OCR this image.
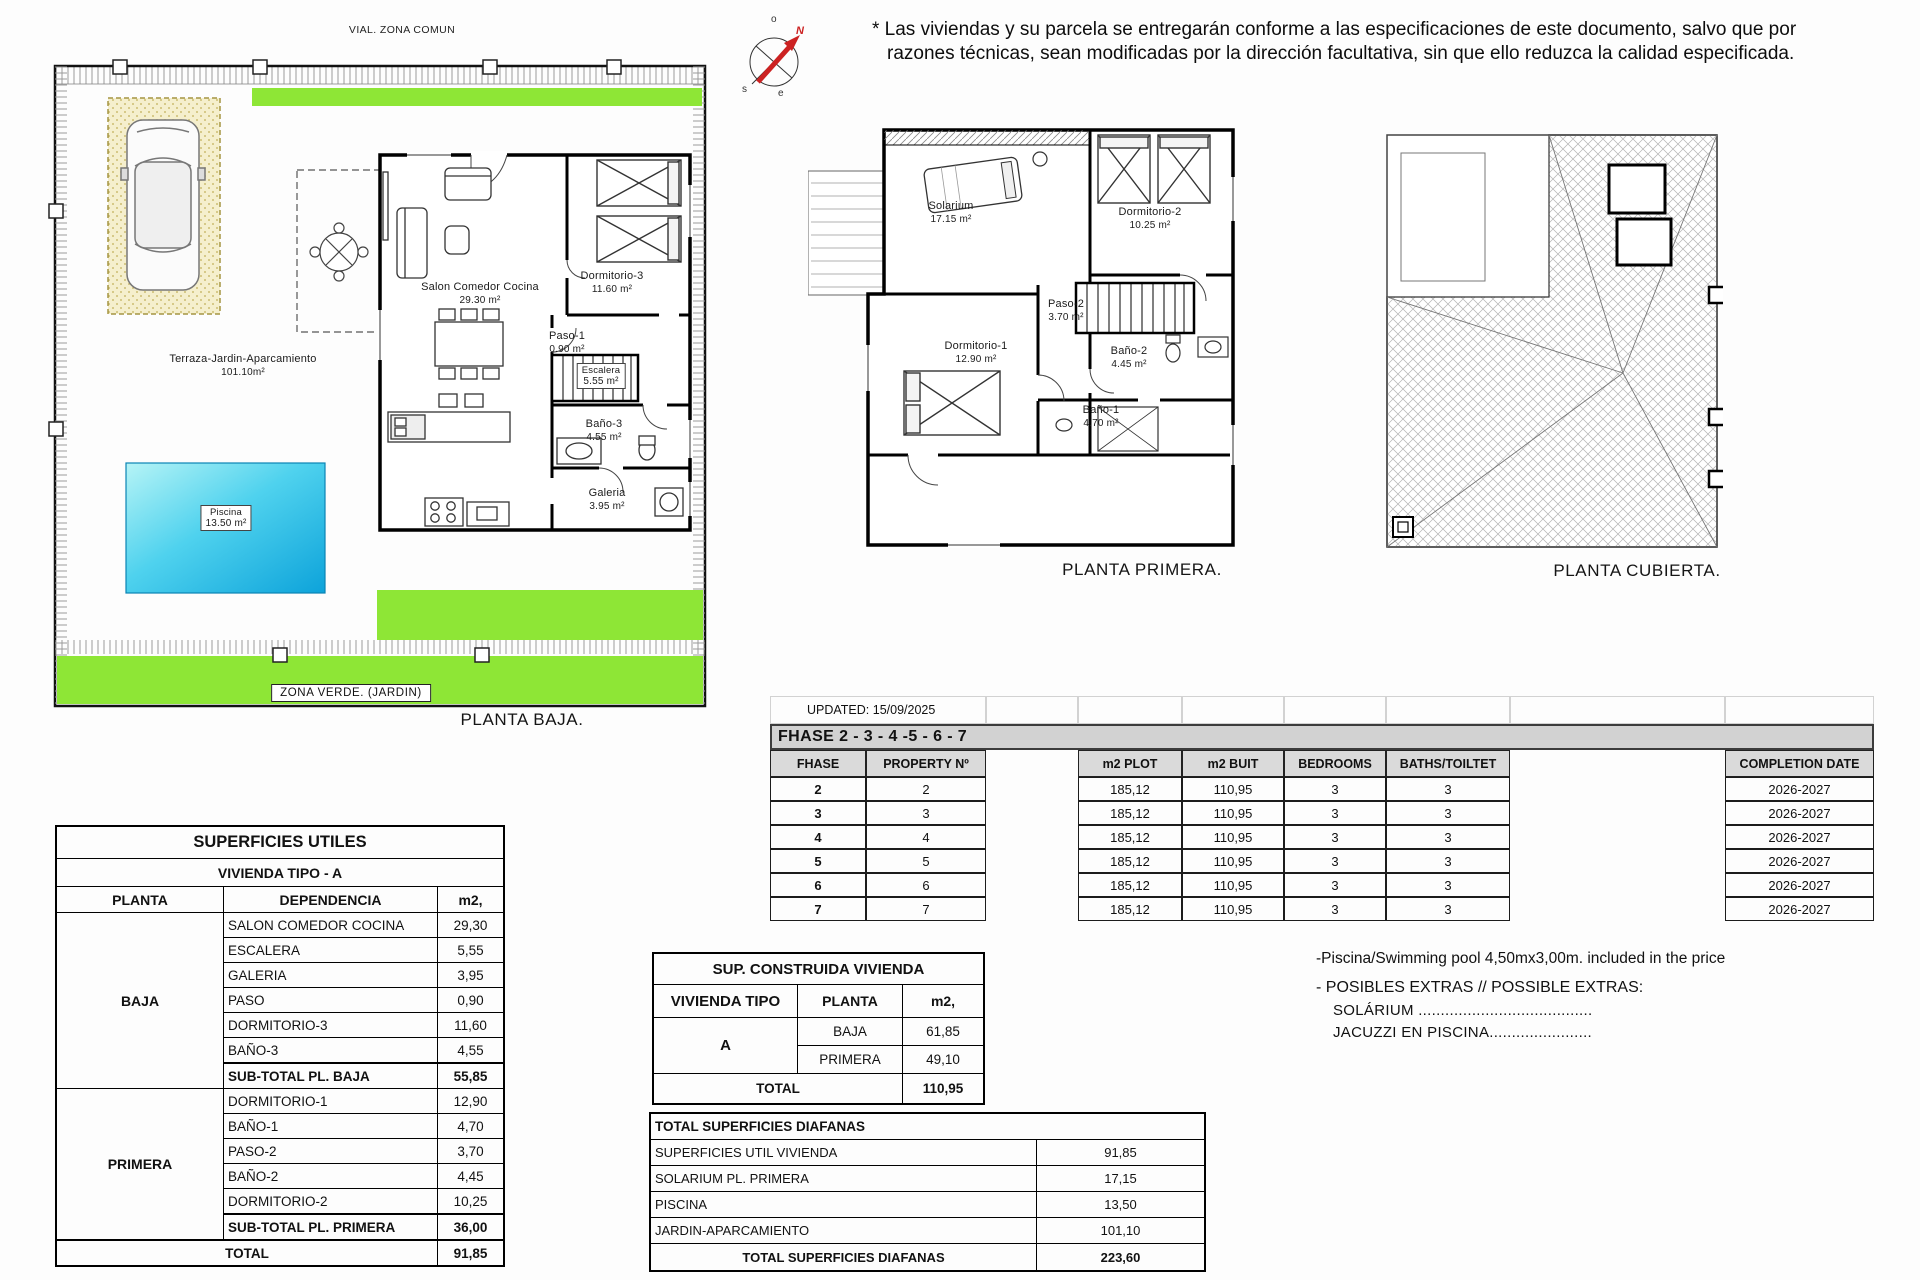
o
N
s	e
VIAL. ZONA COMUN
Salon Comedor Cocina
29.30 m²
Dormitorio-3
11.60 m²
Paso-1
0.90 m²
Escalera
5.55 m²
Baño-3
4.55 m²
Galeria
3.95 m²
Terraza-Jardin-Aparcamiento
101.10m²
Piscina
13.50 m²
ZONA VERDE. (JARDIN)
Solarium
17.15 m²
Dormitorio-2
10.25 m²
Paso-2
3.70 m²
Dormitorio-1
12.90 m²
Baño-2
4.45 m²
Baño-1
4.70 m²
PLANTA BAJA.
PLANTA PRIMERA.	PLANTA CUBIERTA.
* Las viviendas y su parcela se entregarán conforme a las especificaciones de este documento, salvo que por
razones técnicas, sean modificadas por la dirección facultativa, sin que ello reduzca la calidad especificada.
UPDATED: 15/09/2025
FHASE 2 - 3 - 4 -5 - 6 - 7
FHASE	PROPERTY Nº	m2 PLOT	m2 BUIT	BEDROOMS	BATHS/TOILTET	COMPLETION DATE
2	2	185,12	110,95	3	3	2026-2027
3	3	185,12	110,95	3	3	2026-2027
4	4	185,12	110,95	3	3	2026-2027
5	5	185,12	110,95	3	3	2026-2027
6	6	185,12	110,95	3	3	2026-2027
7	7	185,12	110,95	3	3	2026-2027
SUPERFICIES UTILES		
VIVIENDA TIPO - A		
PLANTA	DEPENDENCIA	m2,
BAJA	SALON COMEDOR COCINA	29,30
	ESCALERA	5,55
	GALERIA	3,95
	PASO	0,90
	DORMITORIO-3	11,60
	BAÑO-3	4,55
	SUB-TOTAL PL. BAJA	55,85
PRIMERA	DORMITORIO-1	12,90
	BAÑO-1	4,70
	PASO-2	3,70
	BAÑO-2	4,45
	DORMITORIO-2	10,25
	SUB-TOTAL PL. PRIMERA	36,00
TOTAL		91,85
SUP. CONSTRUIDA VIVIENDA		
VIVIENDA TIPO	PLANTA	m2,
A	BAJA	61,85
	PRIMERA	49,10
TOTAL		110,95
TOTAL SUPERFICIES DIAFANAS	
SUPERFICIES UTIL VIVIENDA	91,85
SOLARIUM PL. PRIMERA	17,15
PISCINA	13,50
JARDIN-APARCAMIENTO	101,10
TOTAL SUPERFICIES DIAFANAS	223,60
-Piscina/Swimming pool 4,50mx3,00m. included in the price
- POSIBLES EXTRAS // POSSIBLE EXTRAS:
SOLÁRIUM .......................................
JACUZZI EN PISCINA.......................
